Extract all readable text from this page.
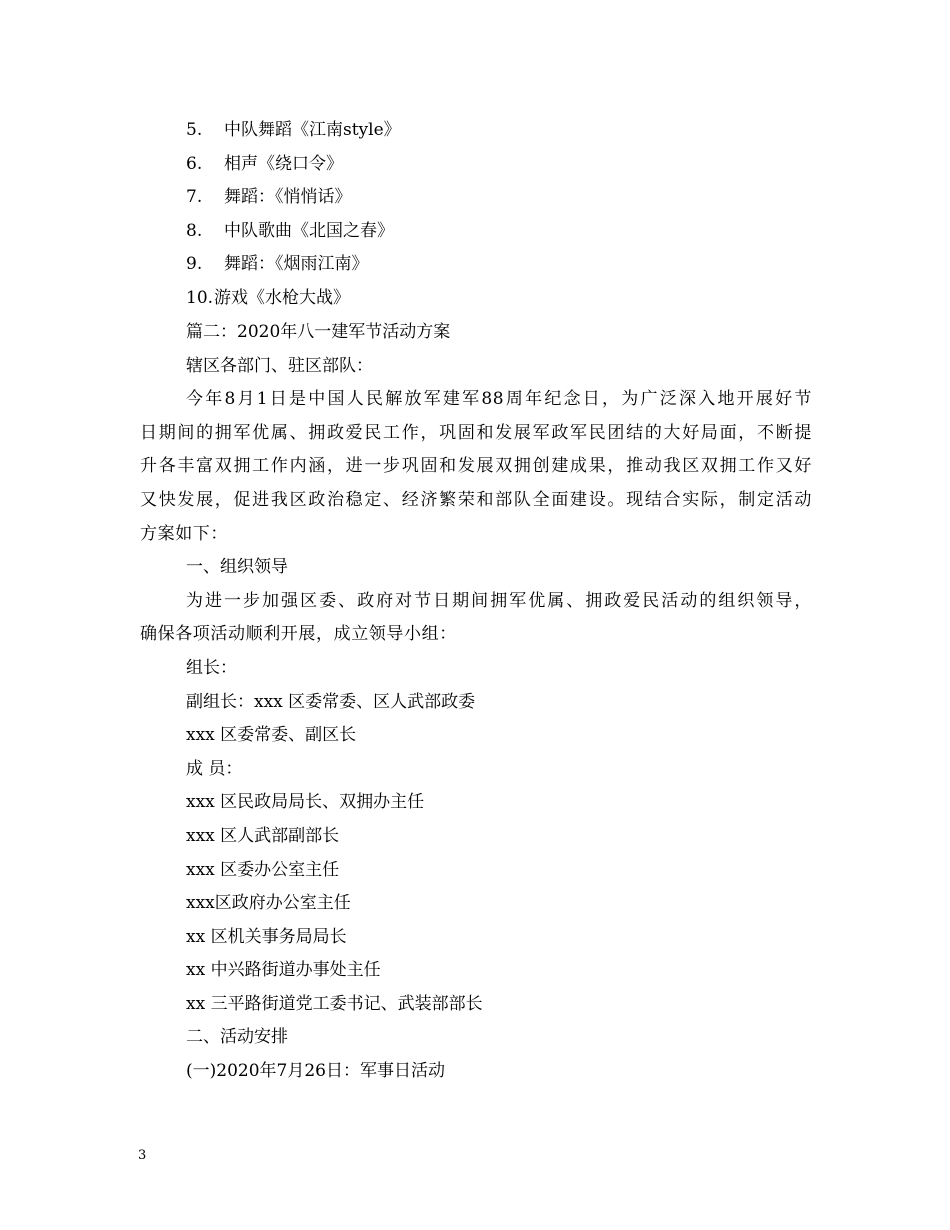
5. 中队舞蹈《江南style》
6. 相声《绕口令》
7. 舞蹈：《悄悄话》
8. 中队歌曲《北国之春》
9. 舞蹈：《烟雨江南》
10. 游戏《水枪大战》

篇二：2020年八一建军节活动方案

辖区各部门、驻区部队：

今年8月1日是中国人民解放军建军88周年纪念日，为广泛深入地开展好节
日期间的拥军优属、拥政爱民工作，巩固和发展军政军民团结的大好局面，不断提
升各丰富双拥工作内涵，进一步巩固和发展双拥创建成果，推动我区双拥工作又好
又快发展，促进我区政治稳定、经济繁荣和部队全面建设。现结合实际，制定活动
方案如下：

一、组织领导

为进一步加强区委、政府对节日期间拥军优属、拥政爱民活动的组织领导，
确保各项活动顺利开展，成立领导小组：

组长：

副组长：xxx 区委常委、区人武部政委

xxx 区委常委、副区长

成 员：

xxx 区民政局局长、双拥办主任

xxx 区人武部副部长

xxx 区委办公室主任

xxx区政府办公室主任

xx 区机关事务局局长

xx 中兴路街道办事处主任

xx 三平路街道党工委书记、武装部部长

二、活动安排

(一)2020年7月26日：军事日活动

3
